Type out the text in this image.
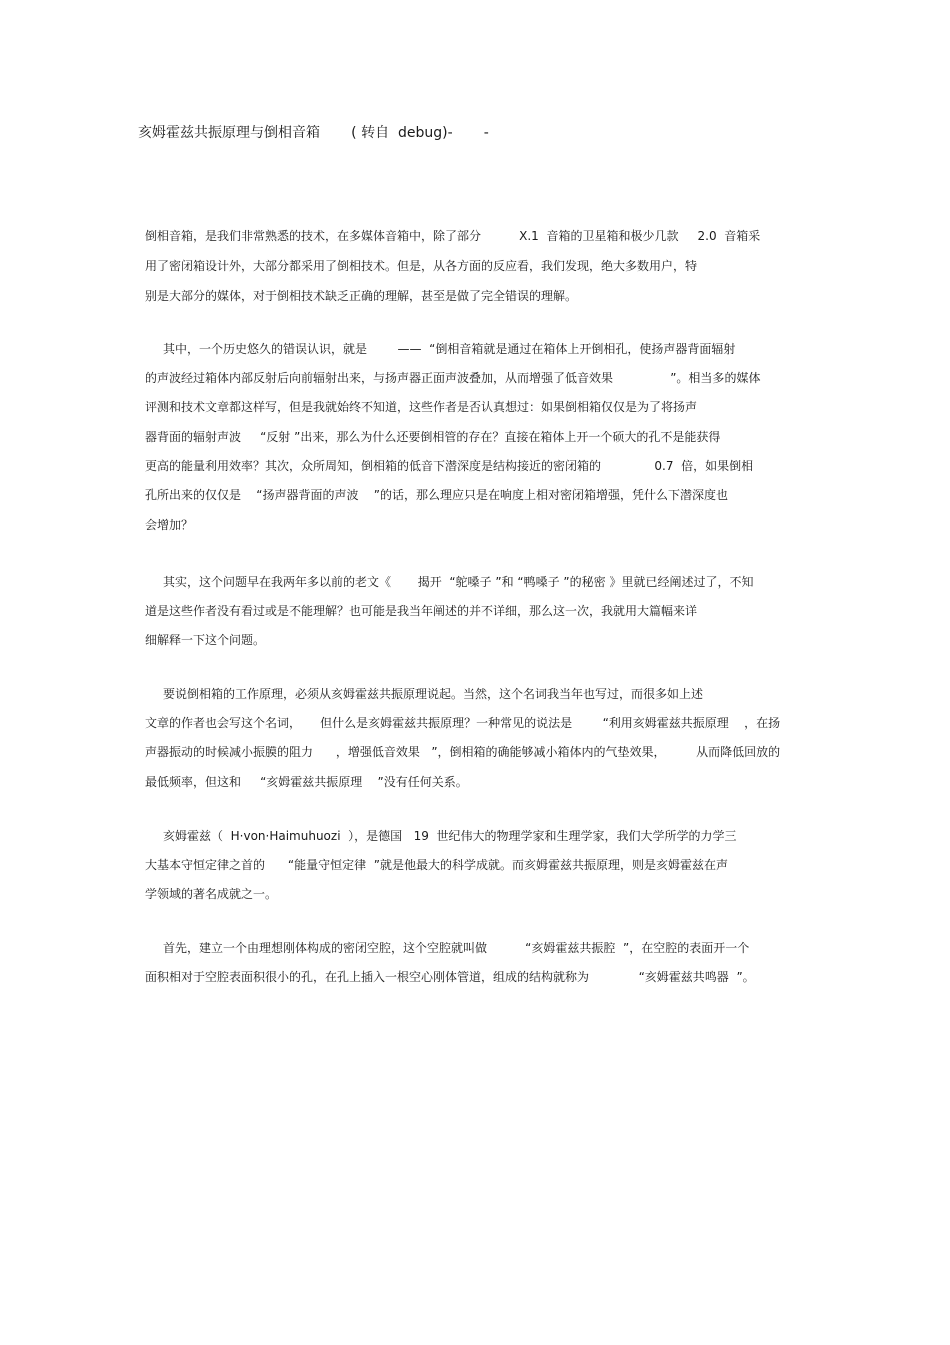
亥姆霍兹共振原理与倒相音箱       ( 转自  debug)-       -

倒相音箱，是我们非常熟悉的技术，在多媒体音箱中，除了部分          X.1  音箱的卫星箱和极少几款     2.0  音箱采

用了密闭箱设计外，大部分都采用了倒相技术。但是，从各方面的反应看，我们发现，绝大多数用户，特

别是大部分的媒体，对于倒相技术缺乏正确的理解，甚至是做了完全错误的理解。

其中，一个历史悠久的错误认识，就是        ——  “倒相音箱就是通过在箱体上开倒相孔，使扬声器背面辐射

的声波经过箱体内部反射后向前辐射出来，与扬声器正面声波叠加，从而增强了低音效果               ”。相当多的媒体

评测和技术文章都这样写，但是我就始终不知道，这些作者是否认真想过：如果倒相箱仅仅是为了将扬声

器背面的辐射声波     “反射 ”出来，那么为什么还要倒相管的存在？直接在箱体上开一个硕大的孔不是能获得

更高的能量利用效率？其次，众所周知，倒相箱的低音下潜深度是结构接近的密闭箱的              0.7  倍，如果倒相

孔所出来的仅仅是    “扬声器背面的声波    ”的话，那么理应只是在响度上相对密闭箱增强，凭什么下潜深度也

会增加？

其实，这个问题早在我两年多以前的老文《       揭开  “鸵嗓子 ”和 “鸭嗓子 ”的秘密 》里就已经阐述过了，不知

道是这些作者没有看过或是不能理解？也可能是我当年阐述的并不详细，那么这一次，我就用大篇幅来详

细解释一下这个问题。

要说倒相箱的工作原理，必须从亥姆霍兹共振原理说起。当然，这个名词我当年也写过，而很多如上述

文章的作者也会写这个名词，     但什么是亥姆霍兹共振原理？一种常见的说法是        “利用亥姆霍兹共振原理    ，在扬

声器振动的时候减小振膜的阻力      ，增强低音效果   ”，倒相箱的确能够减小箱体内的气垫效果，        从而降低回放的

最低频率，但这和     “亥姆霍兹共振原理    ”没有任何关系。

亥姆霍兹（  H·von·Haimuhuozi  ），是德国   19  世纪伟大的物理学家和生理学家，我们大学所学的力学三

大基本守恒定律之首的      “能量守恒定律  ”就是他最大的科学成就。而亥姆霍兹共振原理，则是亥姆霍兹在声

学领域的著名成就之一。

首先，建立一个由理想刚体构成的密闭空腔，这个空腔就叫做          “亥姆霍兹共振腔  ”，在空腔的表面开一个

面积相对于空腔表面积很小的孔，在孔上插入一根空心刚体管道，组成的结构就称为             “亥姆霍兹共鸣器  ”。
